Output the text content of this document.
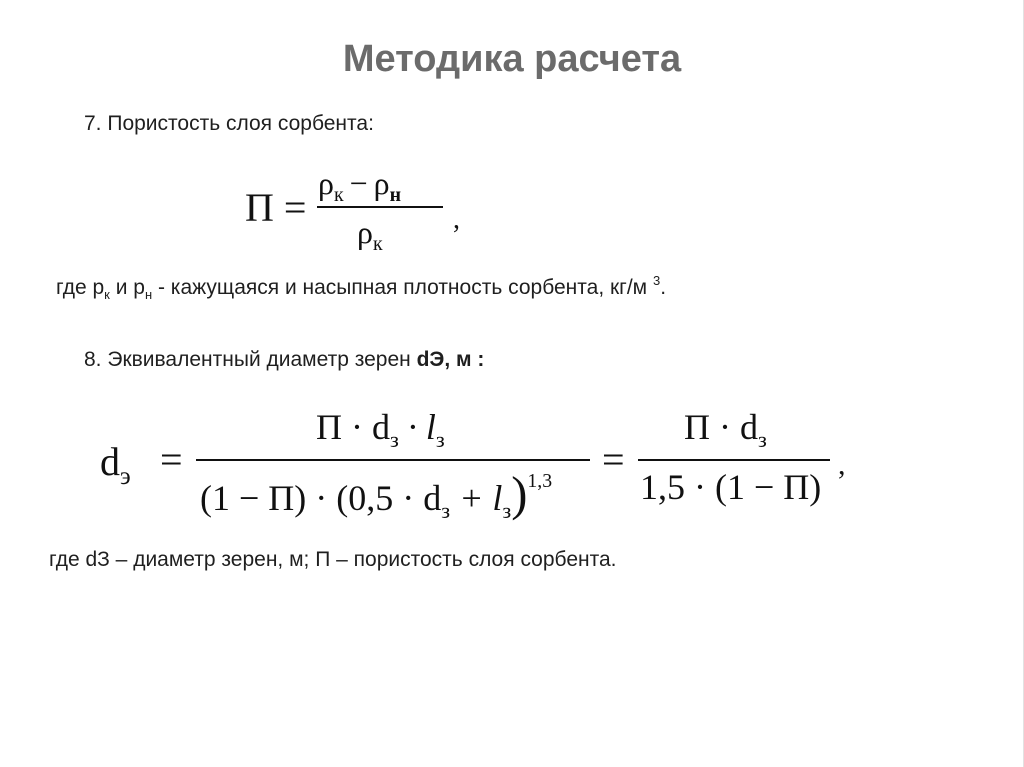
Методика расчета
7. Пористость слоя сорбента:
П =
$\rho_к - \rho_н$
$\rho_к$
,
где $р_к$ и $р_н$ - кажущаяся и насыпная плотность сорбента, кг/м $^3$.
8. Эквивалентный диаметр зерен dЭ, м :
$d_э$ =
$П \cdot d_з \cdot l_з$
$(1 - П) \cdot (0,5 \cdot d_з + l_з)^{1,3}$ =
$П \cdot d_з$
1,5 · (1 − П)
,
где dЗ – диаметр зерен, м; П – пористость слоя сорбента.
